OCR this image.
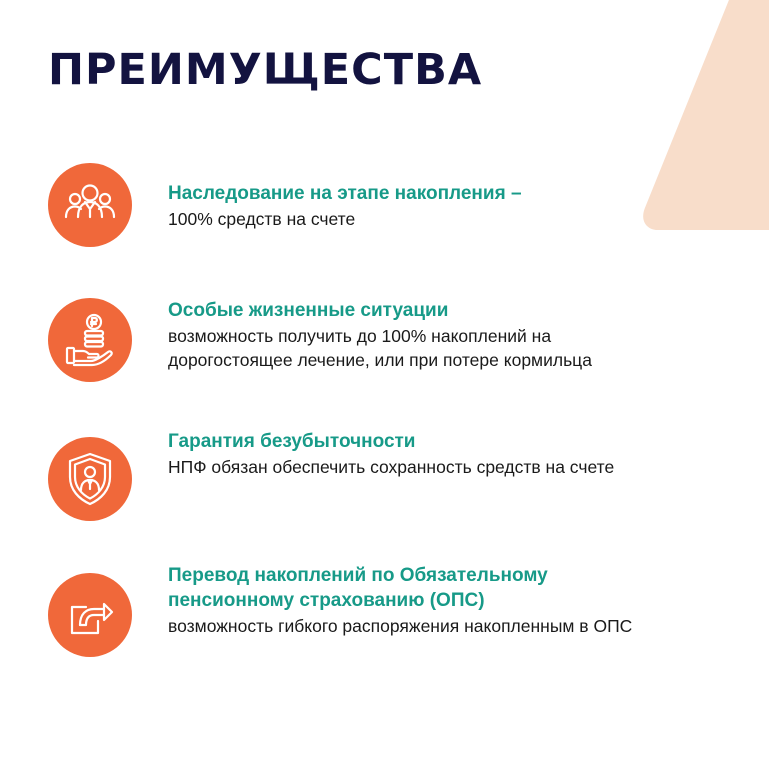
ПРЕИМУЩЕСТВА

Наследование на этапе накопления –

100% средств на счете

Особые жизненные ситуации

возможность получить до 100% накоплений на дорогостоящее лечение, или при потере кормильца

Гарантия безубыточности

НПФ обязан обеспечить сохранность средств на счете

Перевод накоплений по Обязательному пенсионному страхованию (ОПС)

возможность гибкого распоряжения накопленным в ОПС
